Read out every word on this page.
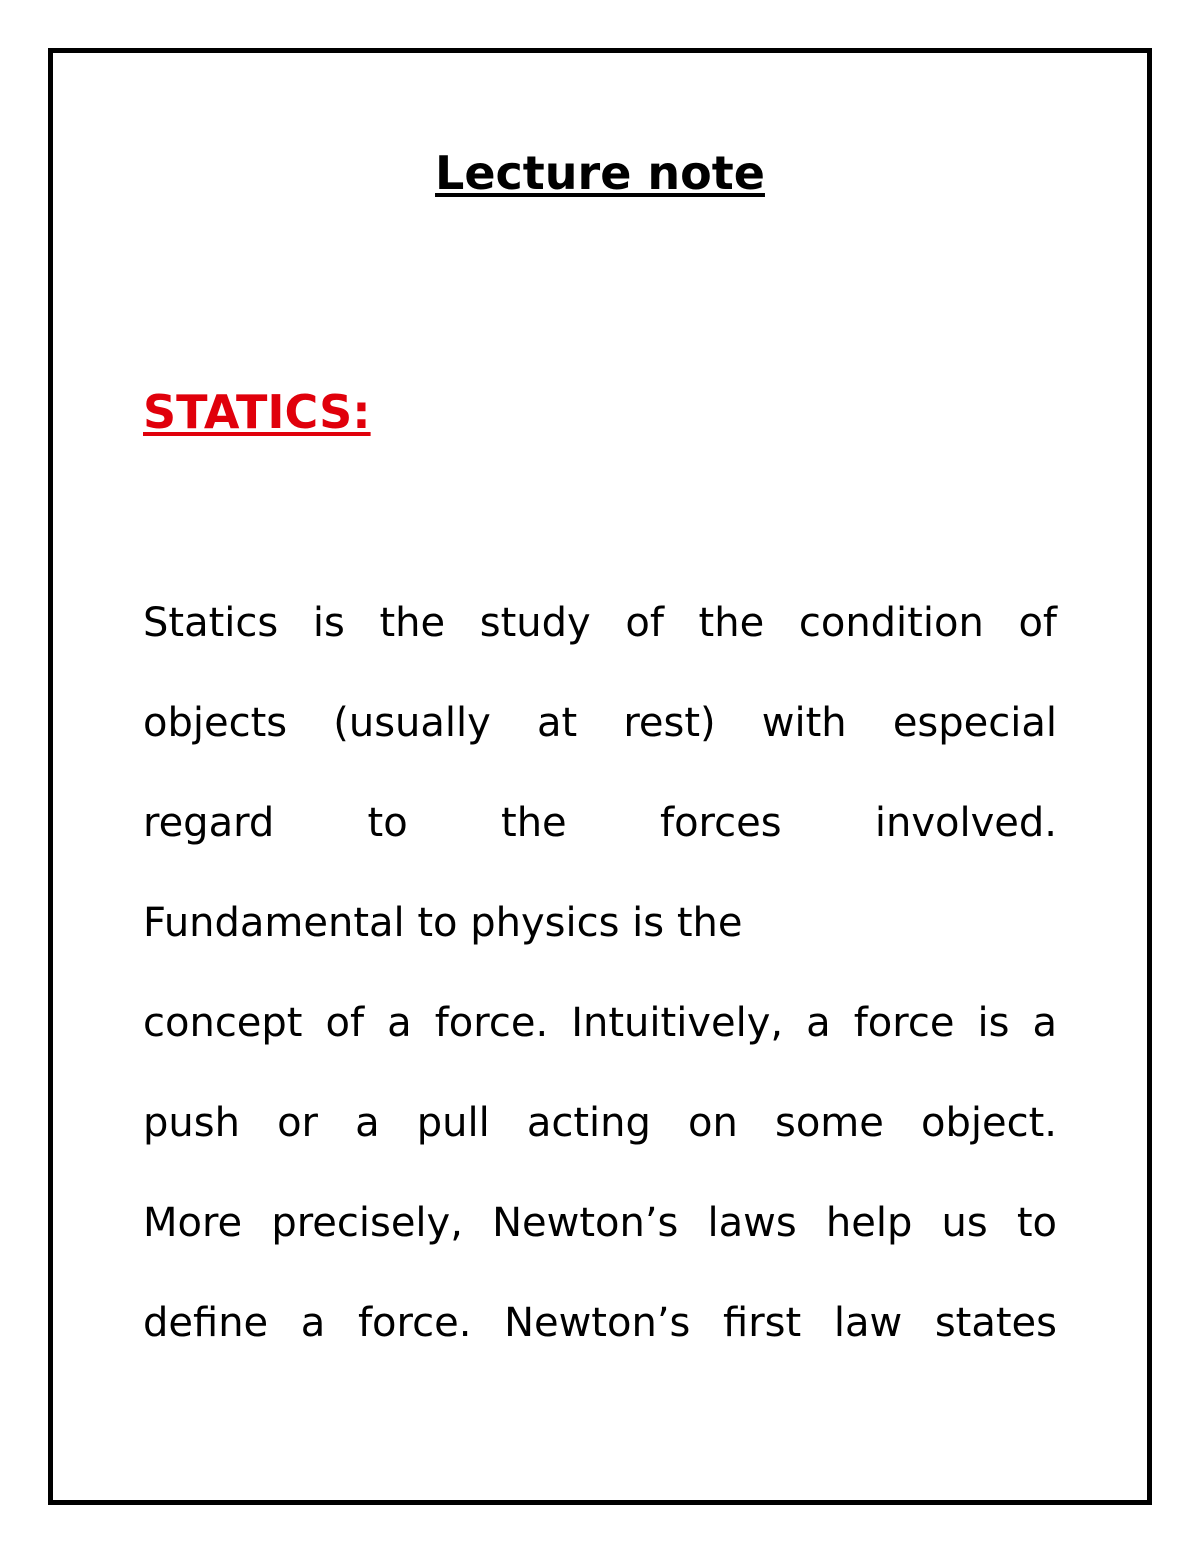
Lecture note
STATICS:

Statics is the study of the condition of

objects (usually at rest) with especial

regard to the forces involved.

Fundamental to physics is the

concept of a force. Intuitively, a force is a

push or a pull acting on some object.

More precisely, Newton’s laws help us to

define a force. Newton’s first law states
